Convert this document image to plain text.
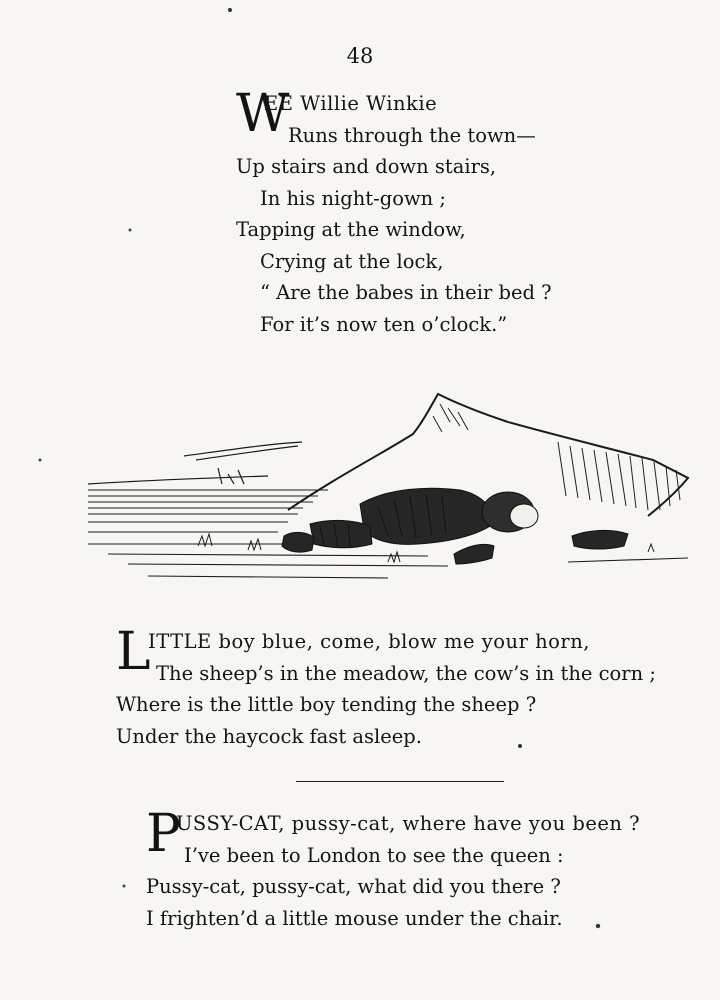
48
W
EE Willie Winkie
Runs through the town—
Up stairs and down stairs,
In his night-gown ;
Tapping at the window,
Crying at the lock,
“ Are the babes in their bed ?
For it’s now ten o’clock.”
L
ITTLE boy blue, come, blow me your horn,
The sheep’s in the meadow, the cow’s in the corn ;
Where is the little boy tending the sheep ?
Under the haycock fast asleep.
P
USSY-CAT, pussy-cat, where have you been ?
I’ve been to London to see the queen :
Pussy-cat, pussy-cat, what did you there ?
I frighten’d a little mouse under the chair.
